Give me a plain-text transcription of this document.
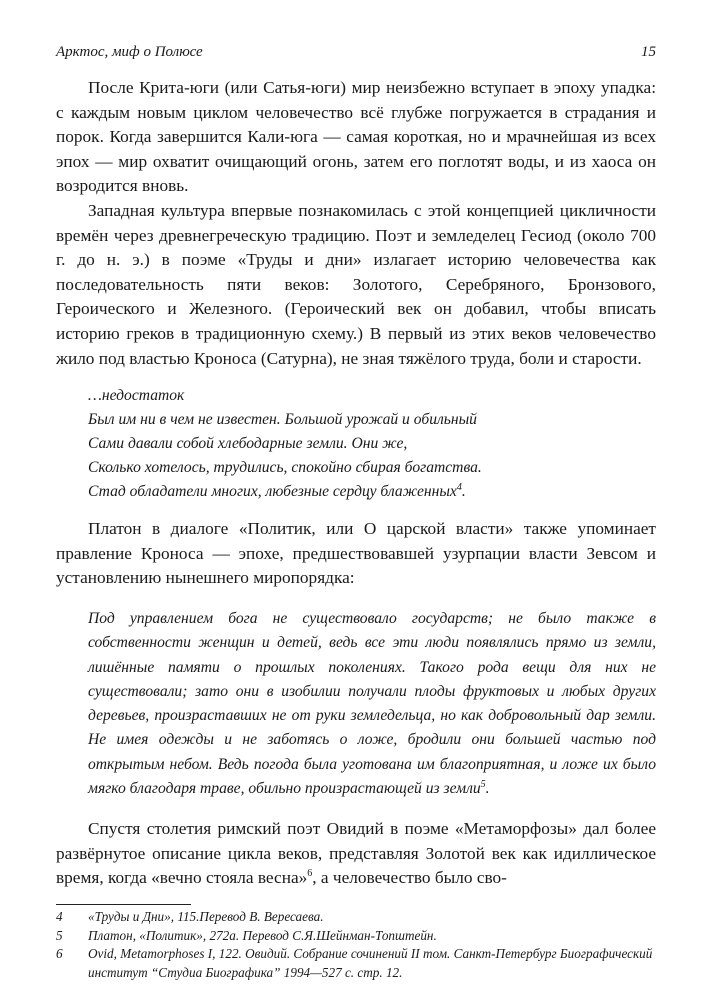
Арктос, миф о Полюсе	15

После Крита-юги (или Сатья-юги) мир неизбежно вступает в эпоху упадка: с каждым новым циклом человечество всё глубже погружается в страдания и порок. Когда завершится Кали-юга — самая короткая, но и мрачнейшая из всех эпох — мир охватит очищающий огонь, затем его поглотят воды, и из хаоса он возродится вновь.

Западная культура впервые познакомилась с этой концепцией цикличности времён через древнегреческую традицию. Поэт и земледелец Гесиод (около 700 г. до н. э.) в поэме «Труды и дни» излагает историю человечества как последовательность пяти веков: Золотого, Серебряного, Бронзового, Героического и Железного. (Героический век он добавил, чтобы вписать историю греков в традиционную схему.) В первый из этих веков человечество жило под властью Кроноса (Сатурна), не зная тяжёлого труда, боли и старости.

…недостаток
Был им ни в чем не известен. Большой урожай и обильный
Сами давали собой хлебодарные земли. Они же,
Сколько хотелось, трудились, спокойно сбирая богатства.
Стад обладатели многих, любезные сердцу блаженных$^4$.

Платон в диалоге «Политик, или О царской власти» также упоминает правление Кроноса — эпохе, предшествовавшей узурпации власти Зевсом и установлению нынешнего миропорядка:

Под управлением бога не существовало государств; не было также в собственности женщин и детей, ведь все эти люди появлялись прямо из земли, лишённые памяти о прошлых поколениях. Такого рода вещи для них не существовали; зато они в изобилии получали плоды фруктовых и любых других деревьев, произраставших не от руки земледельца, но как добровольный дар земли. Не имея одежды и не заботясь о ложе, бродили они большей частью под открытым небом. Ведь погода была уготована им благоприятная, и ложе их было мягко благодаря траве, обильно произрастающей из земли$^5$.

Спустя столетия римский поэт Овидий в поэме «Метаморфозы» дал более развёрнутое описание цикла веков, представляя Золотой век как идиллическое время, когда «вечно стояла весна»$^6$, а человечество было сво-

4 «Труды и Дни», 115.Перевод В. Вересаева.
5 Платон, «Политик», 272а. Перевод С.Я.Шейнман-Топштейн.
6 Ovid, Metamorphoses I, 122. Овидий. Собрание сочинений II том. Санкт-Петербург Биографический институт “Студиа Биографика” 1994—527 с. стр. 12.
